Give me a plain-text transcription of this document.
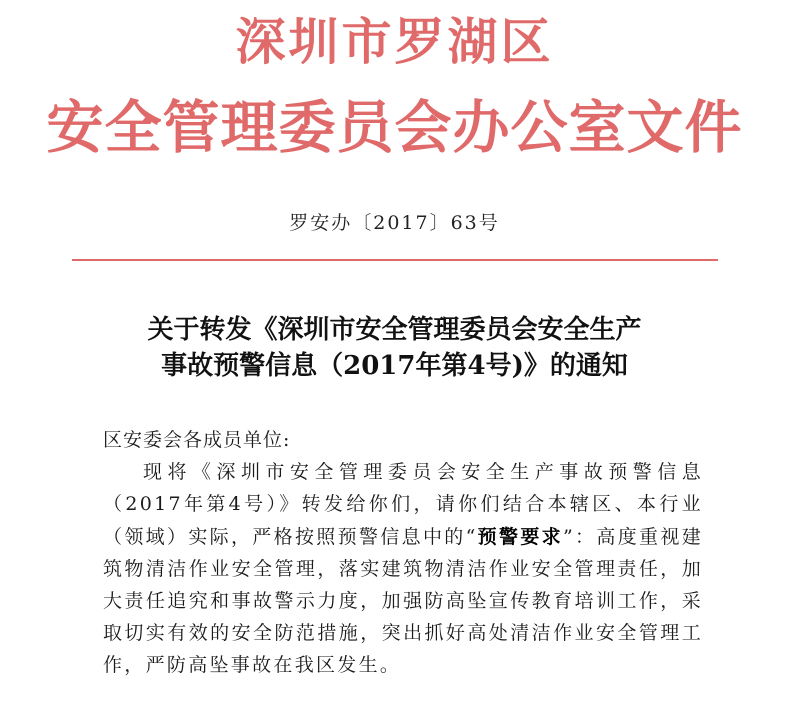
深圳市罗湖区
安全管理委员会办公室文件
罗安办〔2017〕63号
关于转发《深圳市安全管理委员会安全生产
事故预警信息（2017年第4号)》的通知

区安委会各成员单位:

现将《深圳市安全管理委员会安全生产事故预警信息（2017年第4号）》转发给你们，请你们结合本辖区、本行业（领域）实际，严格按照预警信息中的“预警要求”：高度重视建筑物清洁作业安全管理，落实建筑物清洁作业安全管理责任，加大责任追究和事故警示力度，加强防高坠宣传教育培训工作，采取切实有效的安全防范措施，突出抓好高处清洁作业安全管理工作，严防高坠事故在我区发生。
